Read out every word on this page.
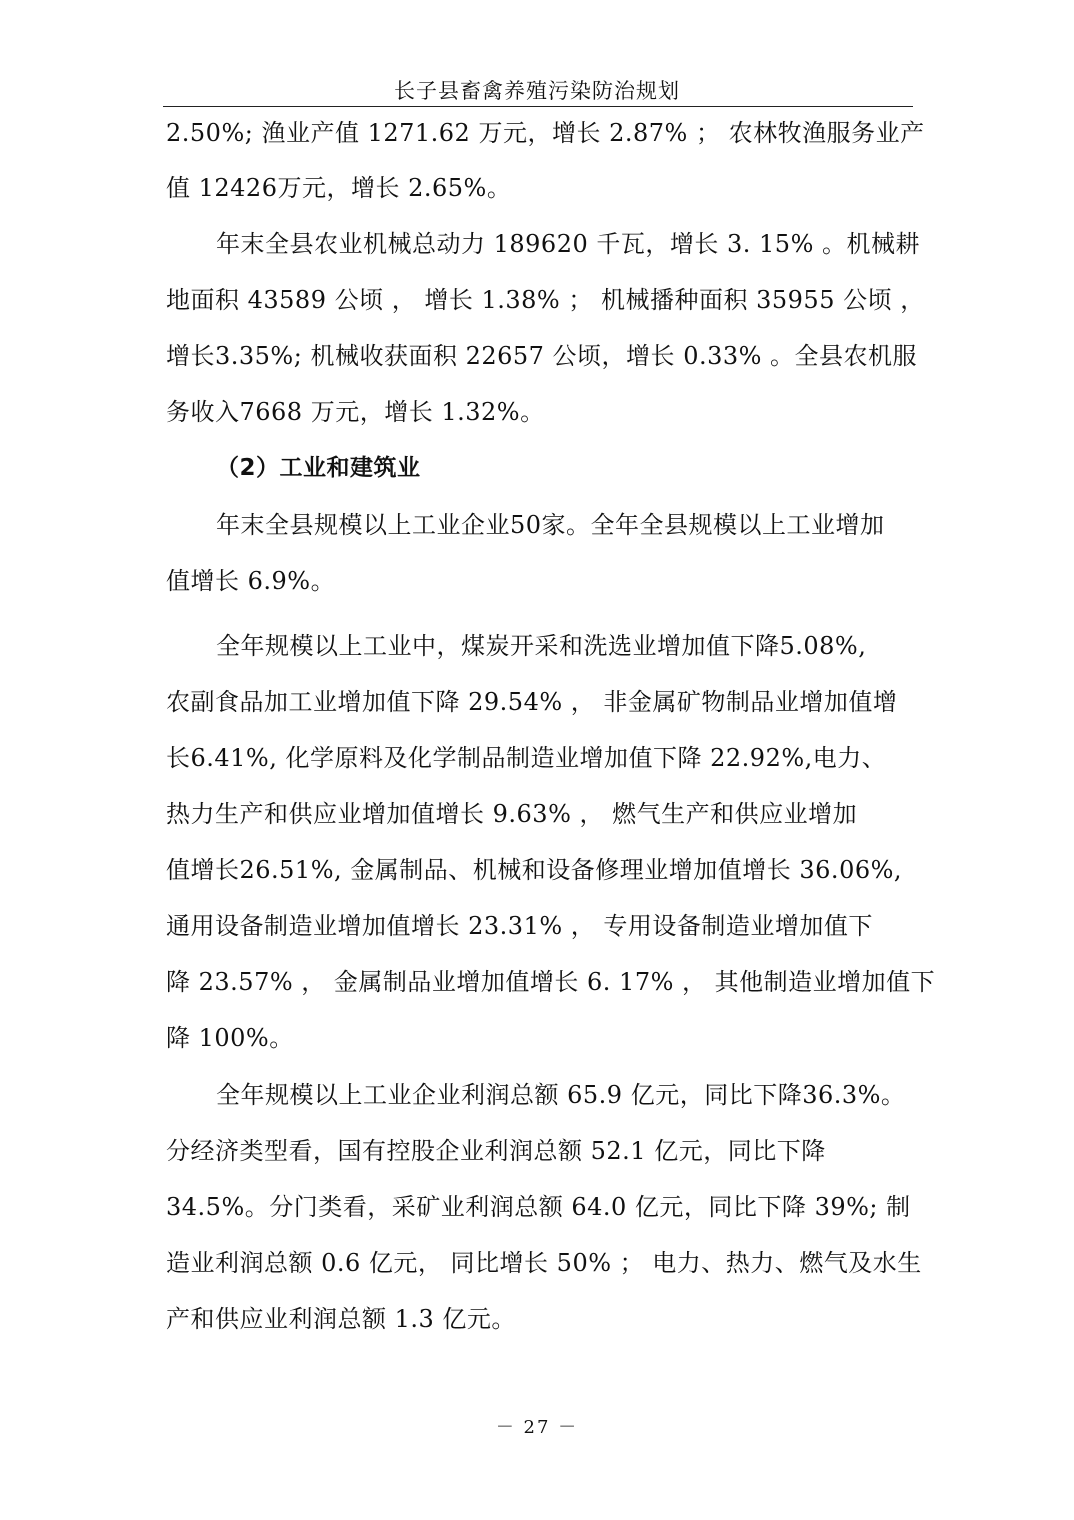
长子县畜禽养殖污染防治规划
2.50%; 渔业产值 1271.62 万元，增长 2.87% ； 农林牧渔服务业产
值 12426万元，增长 2.65%。
年末全县农业机械总动力 189620 千瓦，增长 3. 15% 。机械耕
地面积 43589 公顷 ， 增长 1.38% ； 机械播种面积 35955 公顷 ，
增长3.35%; 机械收获面积 22657 公顷，增长 0.33% 。全县农机服
务收入7668 万元，增长 1.32%。
（2）工业和建筑业
年末全县规模以上工业企业50家。全年全县规模以上工业增加
值增长 6.9%。
全年规模以上工业中，煤炭开采和洗选业增加值下降5.08%,
农副食品加工业增加值下降 29.54% ， 非金属矿物制品业增加值增
长6.41%, 化学原料及化学制品制造业增加值下降 22.92%,电力、
热力生产和供应业增加值增长 9.63% ， 燃气生产和供应业增加
值增长26.51%, 金属制品、机械和设备修理业增加值增长 36.06%,
通用设备制造业增加值增长 23.31% ， 专用设备制造业增加值下
降 23.57% ， 金属制品业增加值增长 6. 17% ， 其他制造业增加值下
降 100%。
全年规模以上工业企业利润总额 65.9 亿元，同比下降36.3%。
分经济类型看，国有控股企业利润总额 52.1 亿元，同比下降
34.5%。分门类看，采矿业利润总额 64.0 亿元，同比下降 39%; 制
造业利润总额 0.6 亿元， 同比增长 50% ； 电力、热力、燃气及水生
产和供应业利润总额 1.3 亿元。
－ 27 －
